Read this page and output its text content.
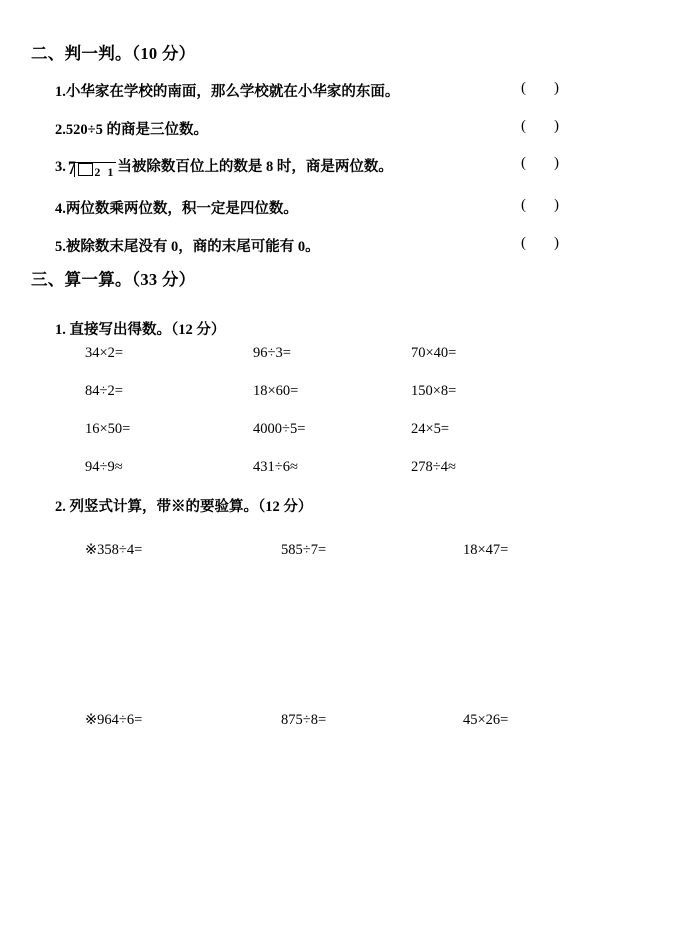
二、判一判。（10 分）
1.小华家在学校的南面，那么学校就在小华家的东面。	( )
2.520÷5 的商是三位数。	( )
3. 7 2 1 当被除数百位上的数是 8 时，商是两位数。	( )
4.两位数乘两位数，积一定是四位数。	( )
5.被除数末尾没有 0，商的末尾可能有 0。	( )
三、算一算。（33 分）
1. 直接写出得数。（12 分）
34×2=	96÷3=	70×40=
84÷2=	18×60=	150×8=
16×50=	4000÷5=	24×5=
94÷9≈	431÷6≈	278÷4≈
2. 列竖式计算，带※的要验算。（12 分）
※358÷4=	585÷7=	18×47=
※964÷6=	875÷8=	45×26=
